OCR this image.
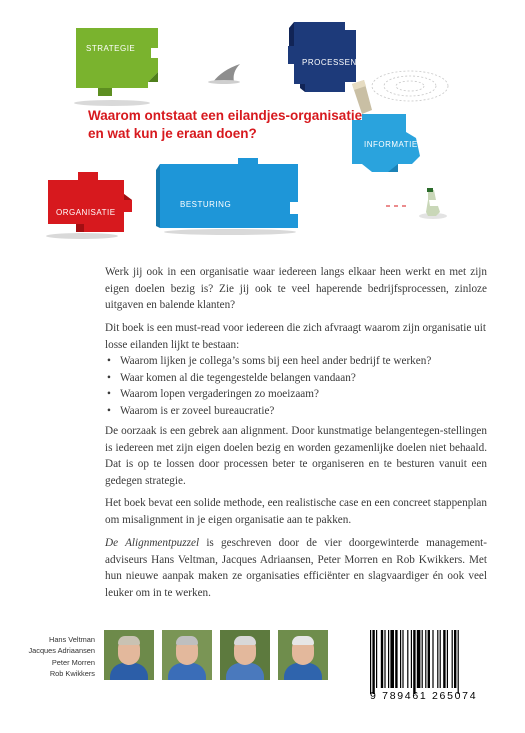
STRATEGIE
PROCESSEN
INFORMATIE
ORGANISATIE
BESTURING
Waarom ontstaat een eilandjes-organisatie
en wat kun je eraan doen?

Werk jij ook in een organisatie waar iedereen langs elkaar heen werkt en met zijn eigen doelen bezig is? Zie jij ook te veel haperende bedrijfsprocessen, zinloze uitgaven en balende klanten?

Dit boek is een must-read voor iedereen die zich afvraagt waarom zijn organisatie uit losse eilanden lijkt te bestaan:

• Waarom lijken je collega’s soms bij een heel ander bedrijf te werken?
• Waar komen al die tegengestelde belangen vandaan?
• Waarom lopen vergaderingen zo moeizaam?
• Waarom is er zoveel bureaucratie?

De oorzaak is een gebrek aan alignment. Door kunstmatige belangentegen-stellingen is iedereen met zijn eigen doelen bezig en worden gezamenlijke doelen niet behaald. Dat is op te lossen door processen beter te organiseren en te besturen vanuit een gedegen strategie.

Het boek bevat een solide methode, een realistische case en een concreet stappenplan om misalignment in je eigen organisatie aan te pakken.

De Alignmentpuzzel is geschreven door de vier doorgewinterde management-adviseurs Hans Veltman, Jacques Adriaansen, Peter Morren en Rob Kwikkers. Met hun nieuwe aanpak maken ze organisaties efficiënter en slagvaardiger én ook veel leuker om in te werken.

Hans Veltman
Jacques Adriaansen
Peter Morren
Rob Kwikkers
9 789461 265074
